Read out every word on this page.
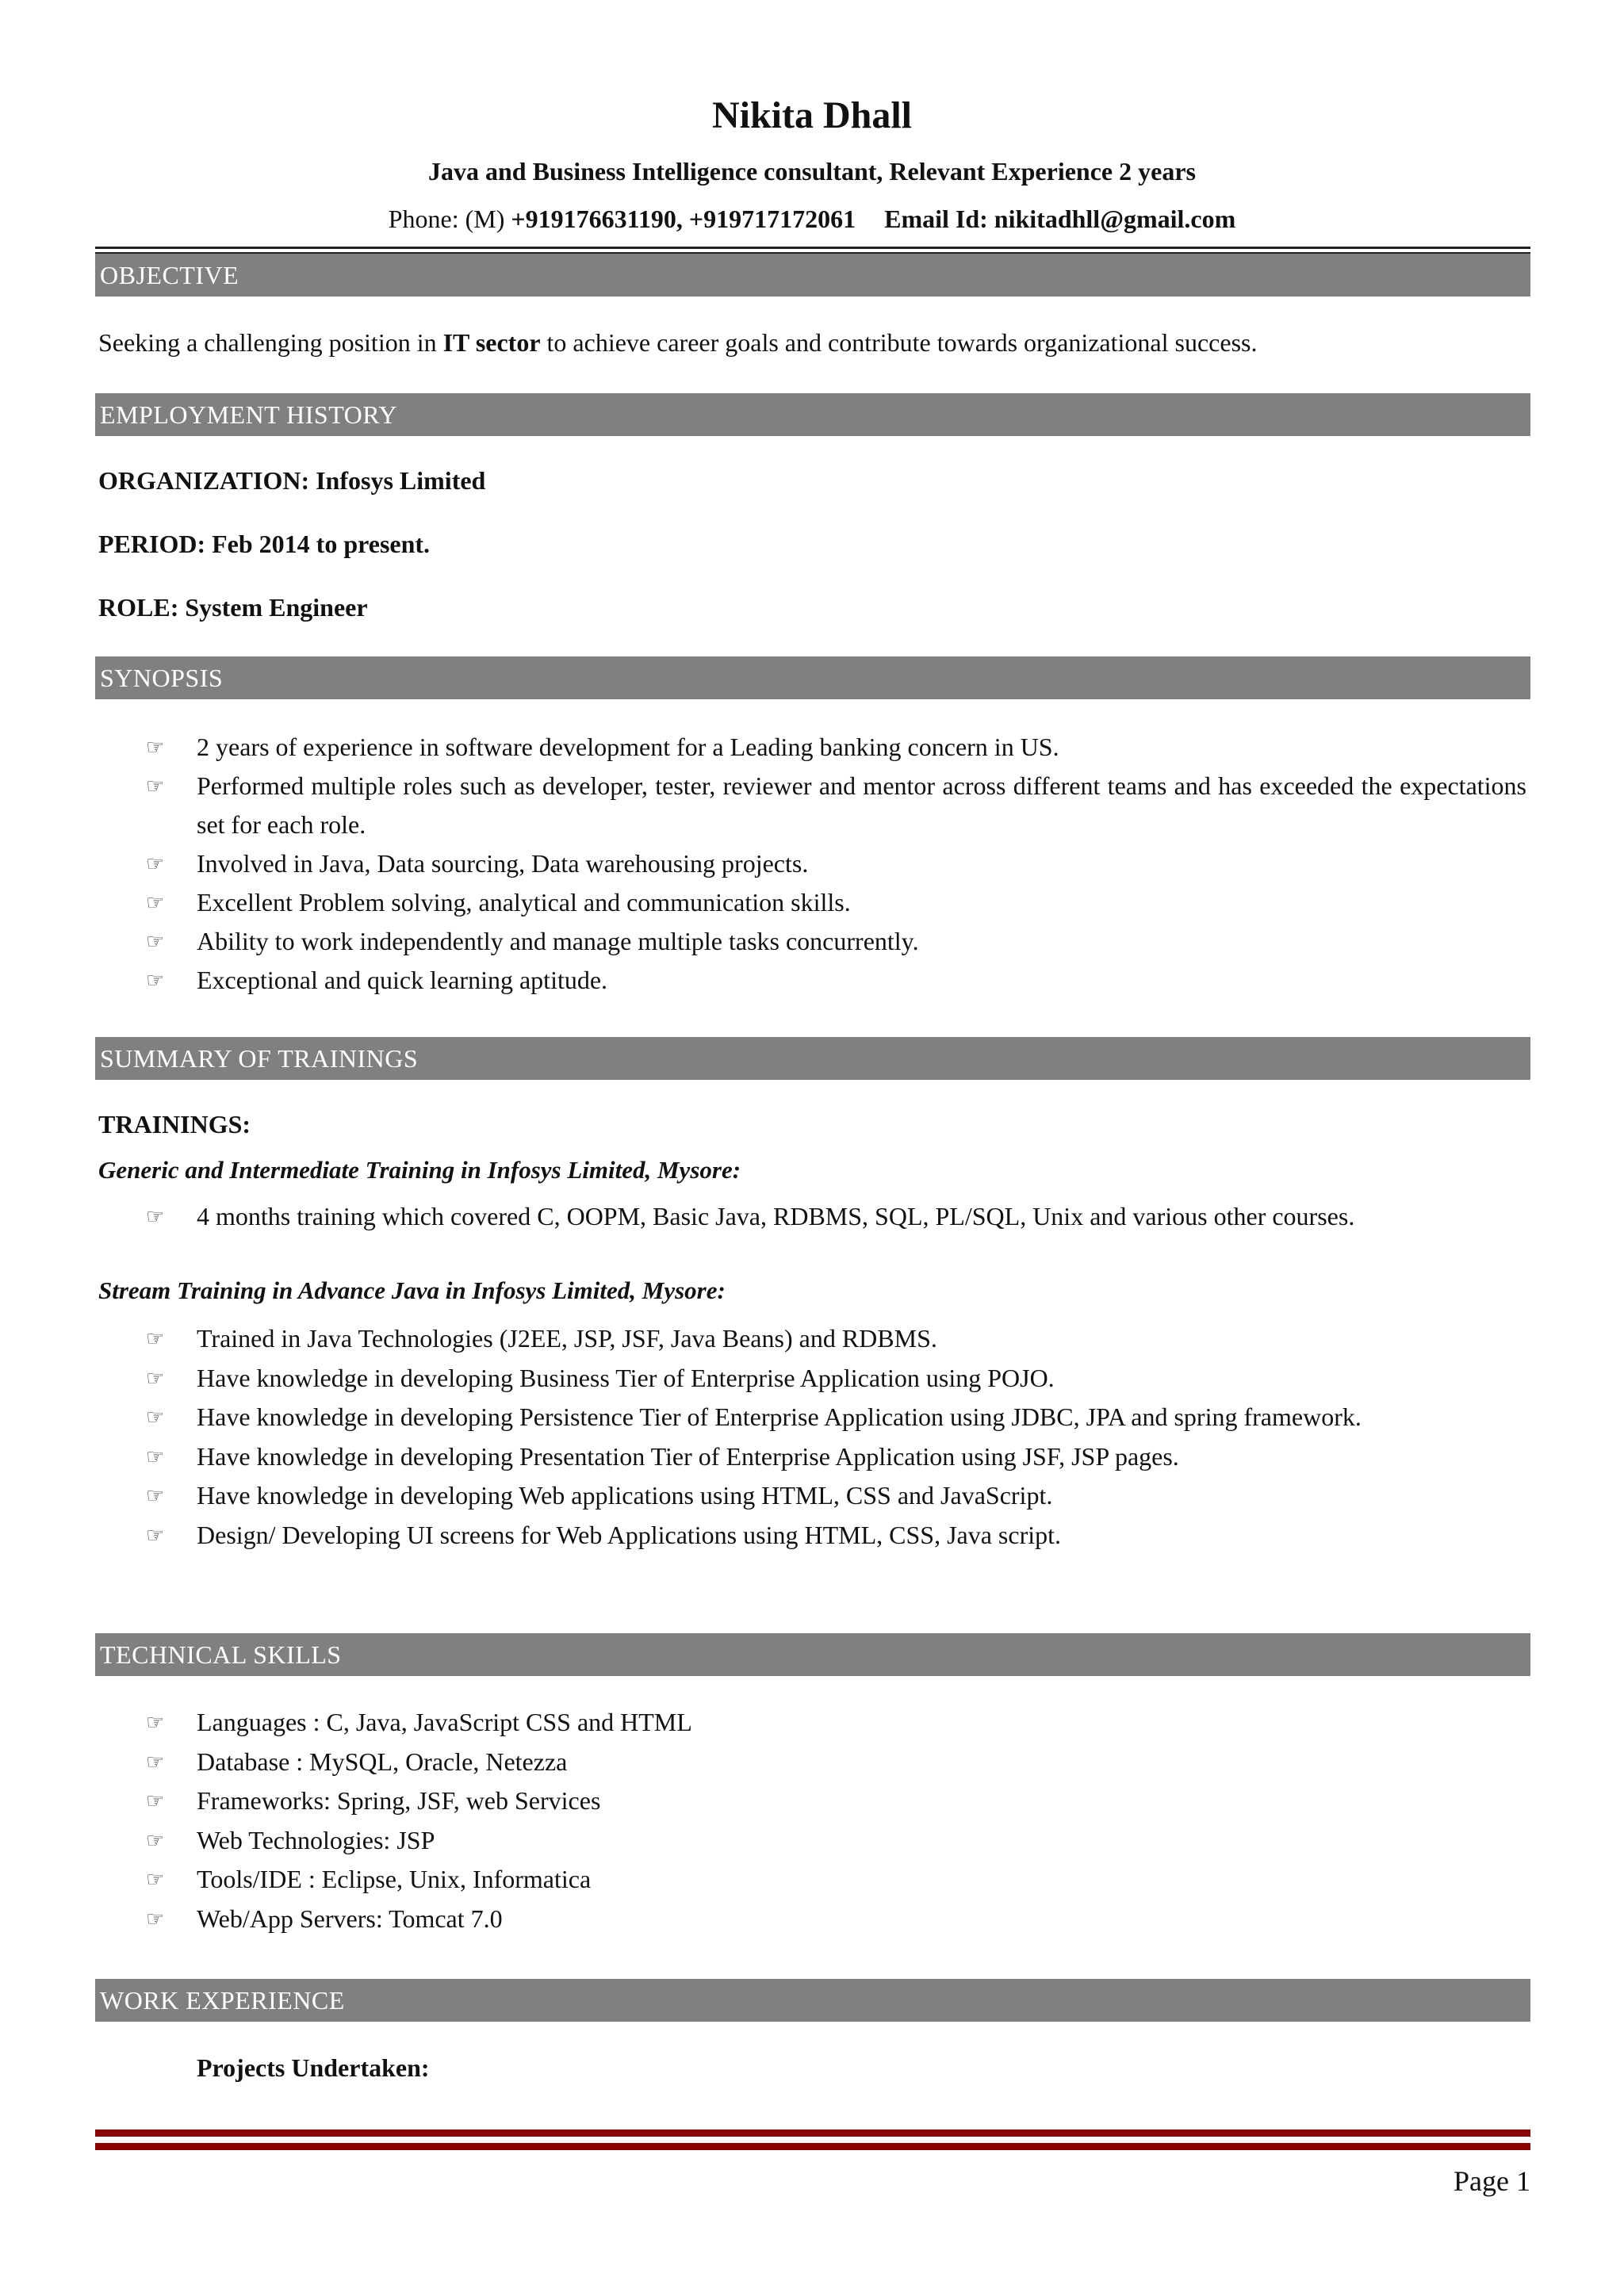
Nikita Dhall
Java and Business Intelligence consultant, Relevant Experience 2 years
Phone: (M) +919176631190, +919717172061 Email Id: nikitadhll@gmail.com
OBJECTIVE
Seeking a challenging position in IT sector to achieve career goals and contribute towards organizational success.
EMPLOYMENT HISTORY
ORGANIZATION: Infosys Limited
PERIOD: Feb 2014 to present.
ROLE: System Engineer
SYNOPSIS
☞ 2 years of experience in software development for a Leading banking concern in US.
☞ Performed multiple roles such as developer, tester, reviewer and mentor across different teams and has exceeded the expectations set for each role.
☞ Involved in Java, Data sourcing, Data warehousing projects.
☞ Excellent Problem solving, analytical and communication skills.
☞ Ability to work independently and manage multiple tasks concurrently.
☞ Exceptional and quick learning aptitude.
SUMMARY OF TRAININGS
TRAININGS:
Generic and Intermediate Training in Infosys Limited, Mysore:
☞ 4 months training which covered C, OOPM, Basic Java, RDBMS, SQL, PL/SQL, Unix and various other courses.
Stream Training in Advance Java in Infosys Limited, Mysore:
☞ Trained in Java Technologies (J2EE, JSP, JSF, Java Beans) and RDBMS.
☞ Have knowledge in developing Business Tier of Enterprise Application using POJO.
☞ Have knowledge in developing Persistence Tier of Enterprise Application using JDBC, JPA and spring framework.
☞ Have knowledge in developing Presentation Tier of Enterprise Application using JSF, JSP pages.
☞ Have knowledge in developing Web applications using HTML, CSS and JavaScript.
☞ Design/ Developing UI screens for Web Applications using HTML, CSS, Java script.
TECHNICAL SKILLS
☞ Languages : C, Java, JavaScript CSS and HTML
☞ Database : MySQL, Oracle, Netezza
☞ Frameworks: Spring, JSF, web Services
☞ Web Technologies: JSP
☞ Tools/IDE : Eclipse, Unix, Informatica
☞ Web/App Servers: Tomcat 7.0
WORK EXPERIENCE
Projects Undertaken:
Page 1
